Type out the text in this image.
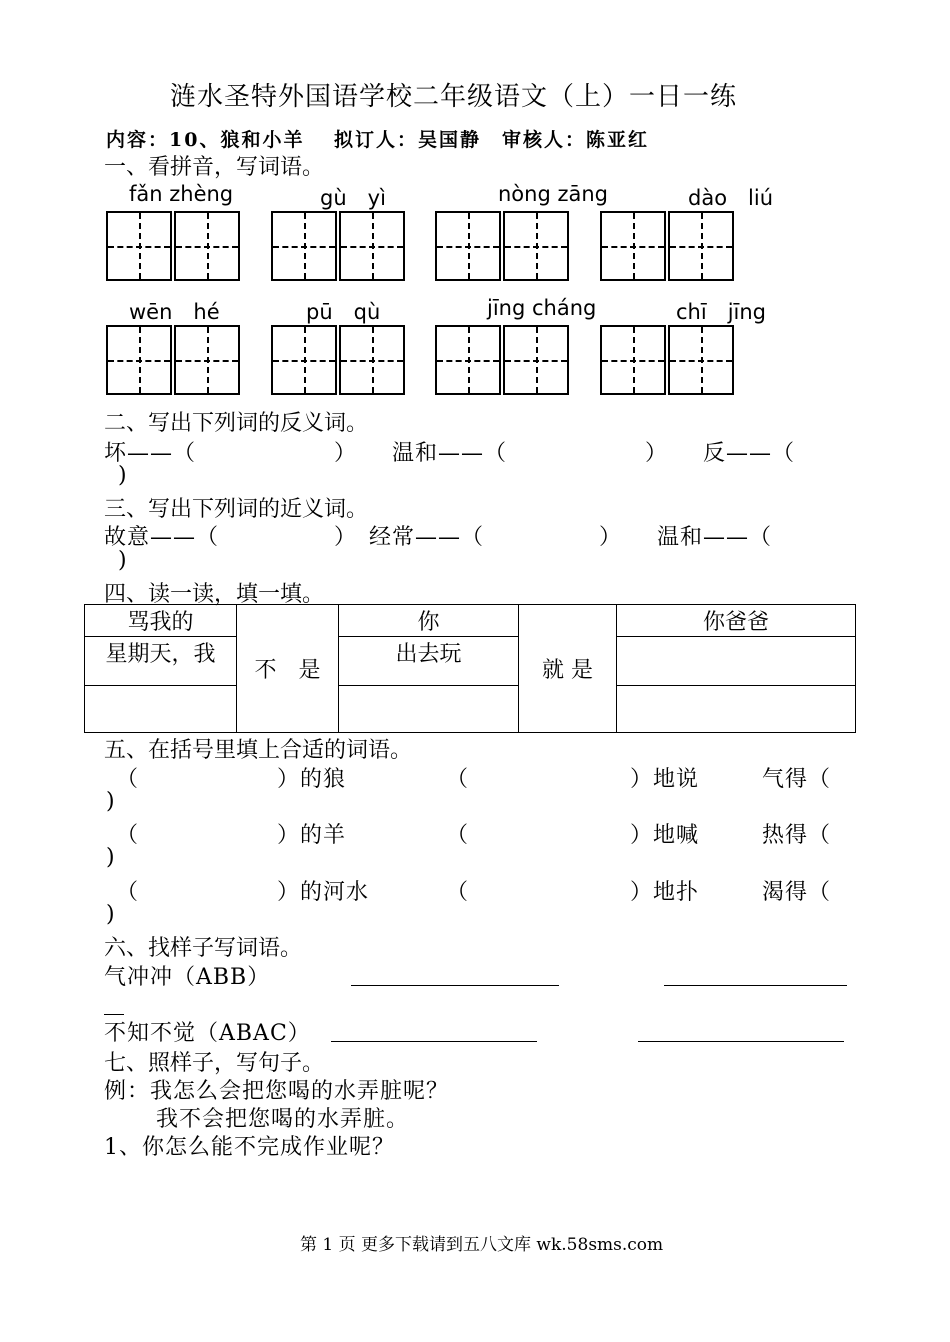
涟水圣特外国语学校二年级语文（上）一日一练
内容：10、狼和小羊　 拟订人：吴国静　审核人：陈亚红
一、看拼音，写词语。
fǎn zhèng	gù　yì	nòng zāng	dào　liú
wēn　hé	pū　qù	jīng cháng	chī　jīng
二、写出下列词的反义词。
坏——（　　　　　　）　　温和——（　　　　　　）　　反——（
)
三、写出下列词的近义词。
故意——（　　　　　）　经常——（　　　　　）　　温和——（
)
四、读一读，填一填。
骂我的	不　是	你	就 是	你爸爸
星期天，我		出去玩		

五、在括号里填上合适的词语。
（　　　　　　）的狼	（　　　　　　　）地说	气得（
)
（　　　　　　）的羊	（　　　　　　　）地喊	热得（
)
（　　　　　　）的河水	（　　　　　　　）地扑	渴得（
)
六、找样子写词语。
气冲冲（ABB）
不知不觉（ABAC）
七、照样子，写句子。
例：我怎么会把您喝的水弄脏呢？
我不会把您喝的水弄脏。
1、你怎么能不完成作业呢？
第 1 页 更多下载请到五八文库 wk.58sms.com
